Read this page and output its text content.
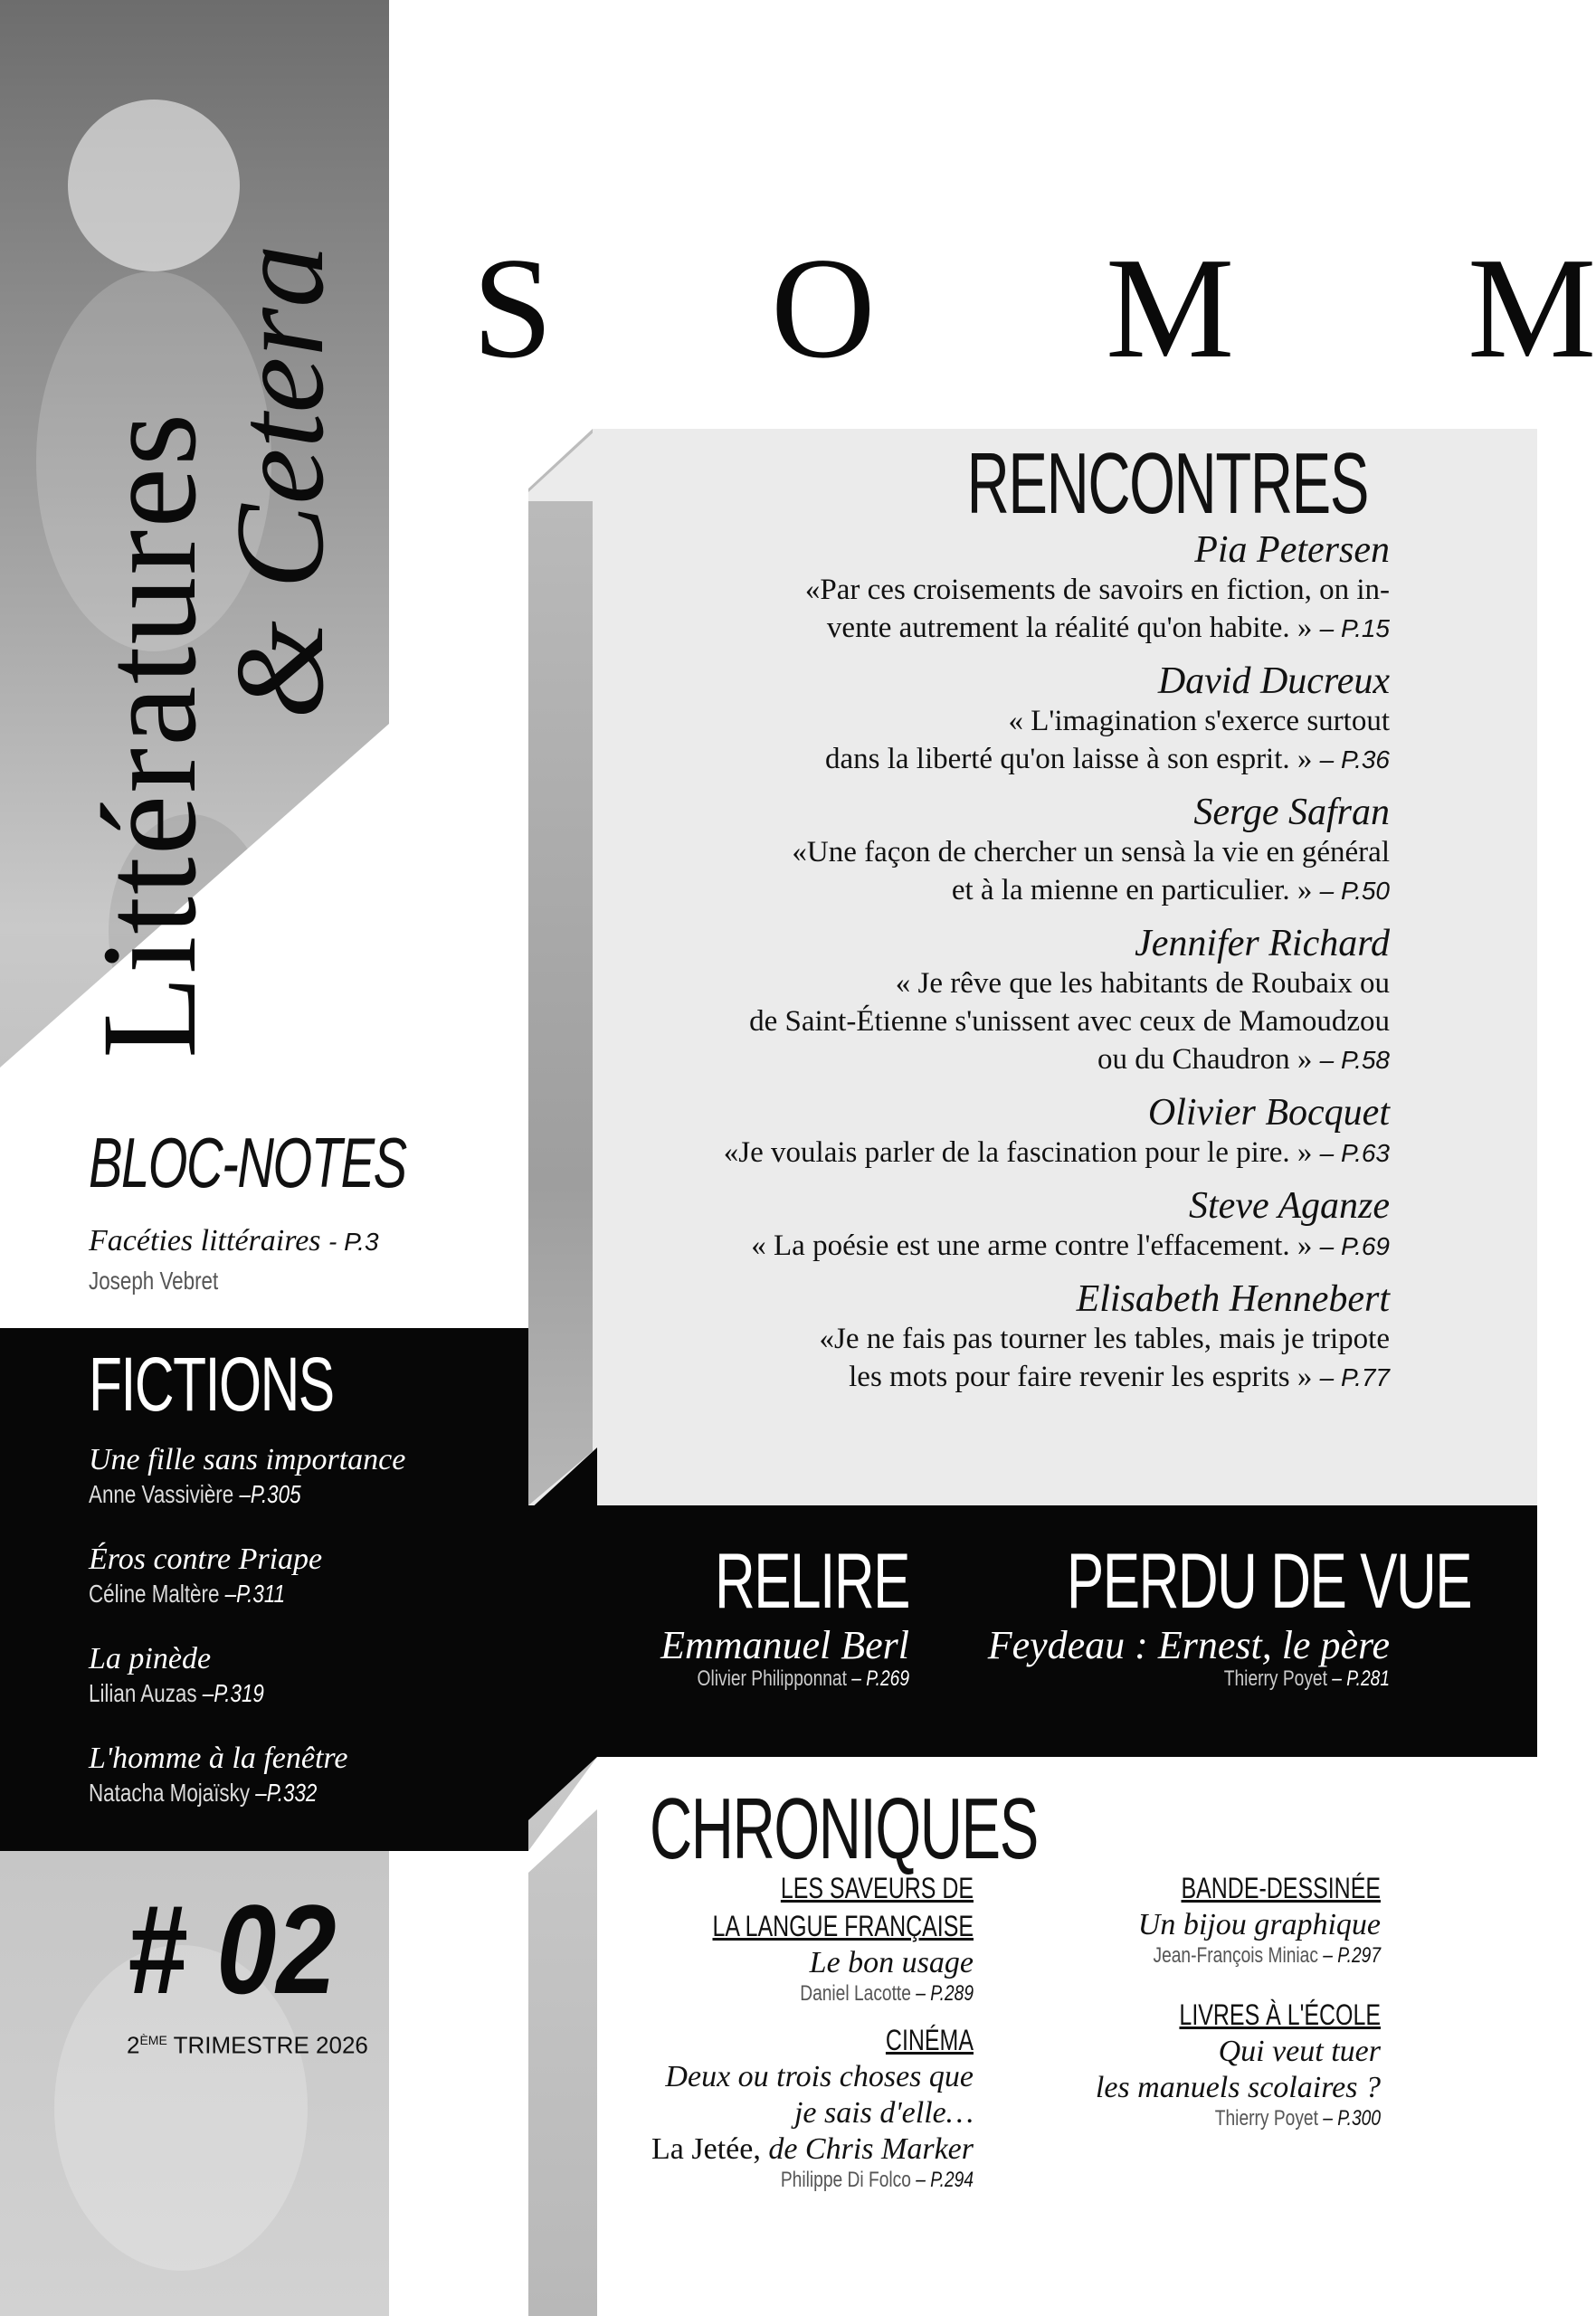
Littératures
& Cetera S O M M
BLOC-NOTES
Facéties littéraires - P.3
Joseph Vebret
FICTIONS
Une fille sans importance
Anne Vassivière –P.305
Éros contre Priape
Céline Maltère –P.311
La pinède
Lilian Auzas –P.319
L'homme à la fenêtre
Natacha Mojaïsky –P.332
# 02
2ÈME TRIMESTRE 2026
RENCONTRES
Pia Petersen
«Par ces croisements de savoirs en fiction, on in-
vente autrement la réalité qu'on habite. » – P.15
David Ducreux
« L'imagination s'exerce surtout
dans la liberté qu'on laisse à son esprit. » – P.36
Serge Safran
«Une façon de chercher un sensà la vie en général
et à la mienne en particulier. » – P.50
Jennifer Richard
« Je rêve que les habitants de Roubaix ou
de Saint-Étienne s'unissent avec ceux de Mamoudzou
ou du Chaudron » – P.58
Olivier Bocquet
«Je voulais parler de la fascination pour le pire. » – P.63
Steve Aganze
« La poésie est une arme contre l'effacement. » – P.69
Elisabeth Hennebert
«Je ne fais pas tourner les tables, mais je tripote
les mots pour faire revenir les esprits » – P.77
RELIRE
Emmanuel Berl
Olivier Philipponnat – P.269
PERDU DE VUE
Feydeau : Ernest, le père
Thierry Poyet – P.281
CHRONIQUES
LES SAVEURS DE
LA LANGUE FRANÇAISE
Le bon usage
Daniel Lacotte – P.289
CINÉMA
Deux ou trois choses que
je sais d'elle…
La Jetée, de Chris Marker
Philippe Di Folco – P.294
BANDE-DESSINÉE
Un bijou graphique
Jean-François Miniac – P.297
LIVRES À L'ÉCOLE
Qui veut tuer
les manuels scolaires ?
Thierry Poyet – P.300
